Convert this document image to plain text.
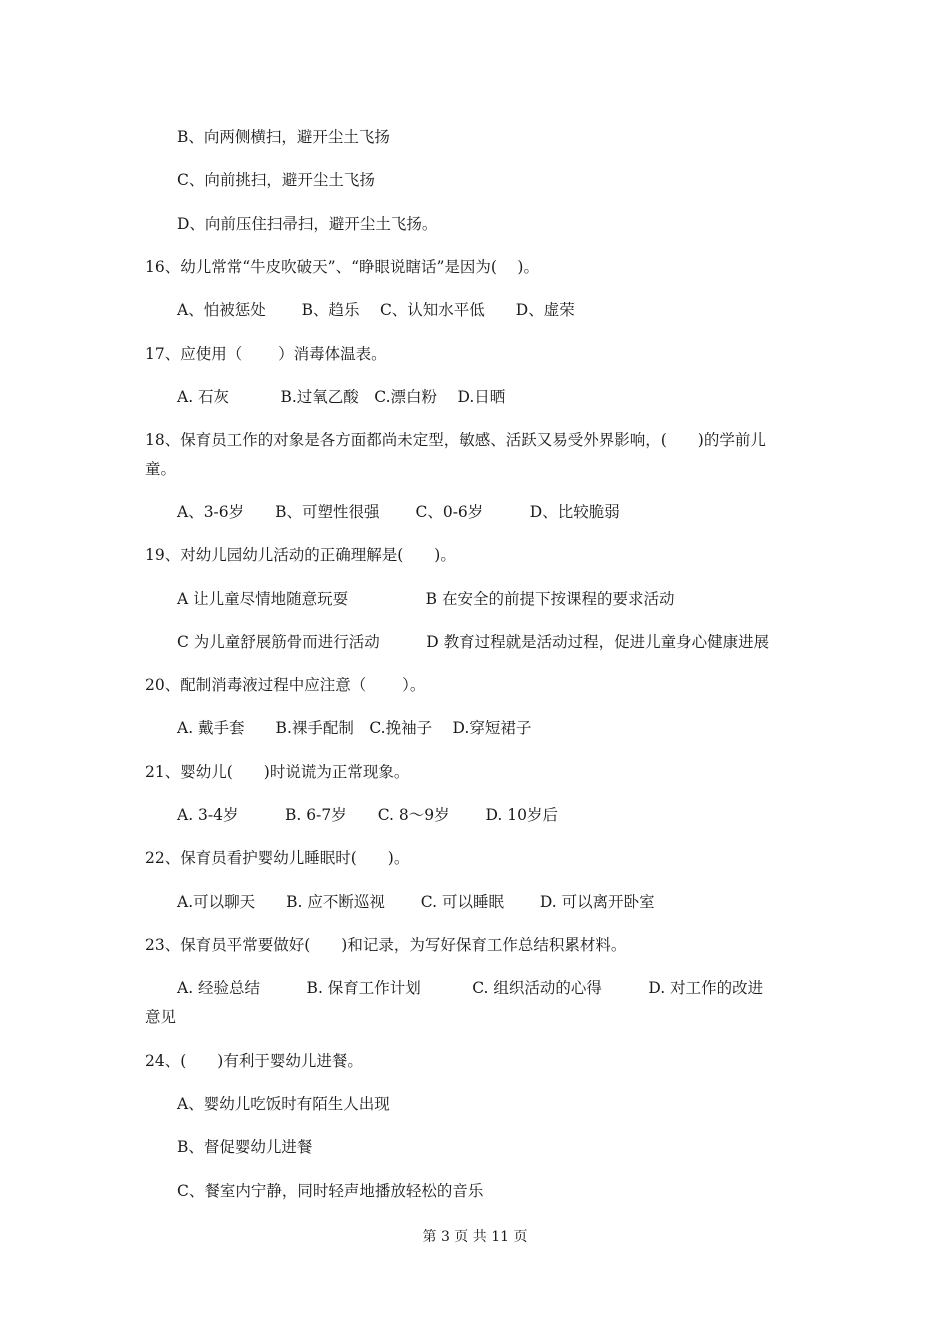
B、向两侧横扫，避开尘土飞扬
C、向前挑扫，避开尘土飞扬
D、向前压住扫帚扫，避开尘土飞扬。
16、幼儿常常“牛皮吹破天”、“睁眼说瞎话”是因为(　 )。
A、怕被惩处　　 B、趋乐　 C、认知水平低　　D、虚荣
17、应使用（　　 ）消毒体温表。
A. 石灰　　　 B.过氧乙酸　C.漂白粉　 D.日晒
18、保育员工作的对象是各方面都尚未定型，敏感、活跃又易受外界影响，(　　)的学前儿
童。
A、3-6岁　　B、可塑性很强　　 C、0-6岁　　　D、比较脆弱
19、对幼儿园幼儿活动的正确理解是(　　)。
A 让儿童尽情地随意玩耍　　　　　B 在安全的前提下按课程的要求活动
C 为儿童舒展筋骨而进行活动　　　D 教育过程就是活动过程，促进儿童身心健康进展
20、配制消毒液过程中应注意（　　 ）。
A. 戴手套　　B.裸手配制　C.挽袖子　 D.穿短裙子
21、婴幼儿(　　)时说谎为正常现象。
A. 3-4岁　　　B. 6-7岁　　C. 8～9岁　　 D. 10岁后
22、保育员看护婴幼儿睡眠时(　　)。
A.可以聊天　　B. 应不断巡视　　 C. 可以睡眠　　 D. 可以离开卧室
23、保育员平常要做好(　　)和记录，为写好保育工作总结积累材料。
A. 经验总结　　　B. 保育工作计划　　　 C. 组织活动的心得　　　D. 对工作的改进
意见
24、(　　)有利于婴幼儿进餐。
A、婴幼儿吃饭时有陌生人出现
B、督促婴幼儿进餐
C、餐室内宁静，同时轻声地播放轻松的音乐
第 3 页 共 11 页
